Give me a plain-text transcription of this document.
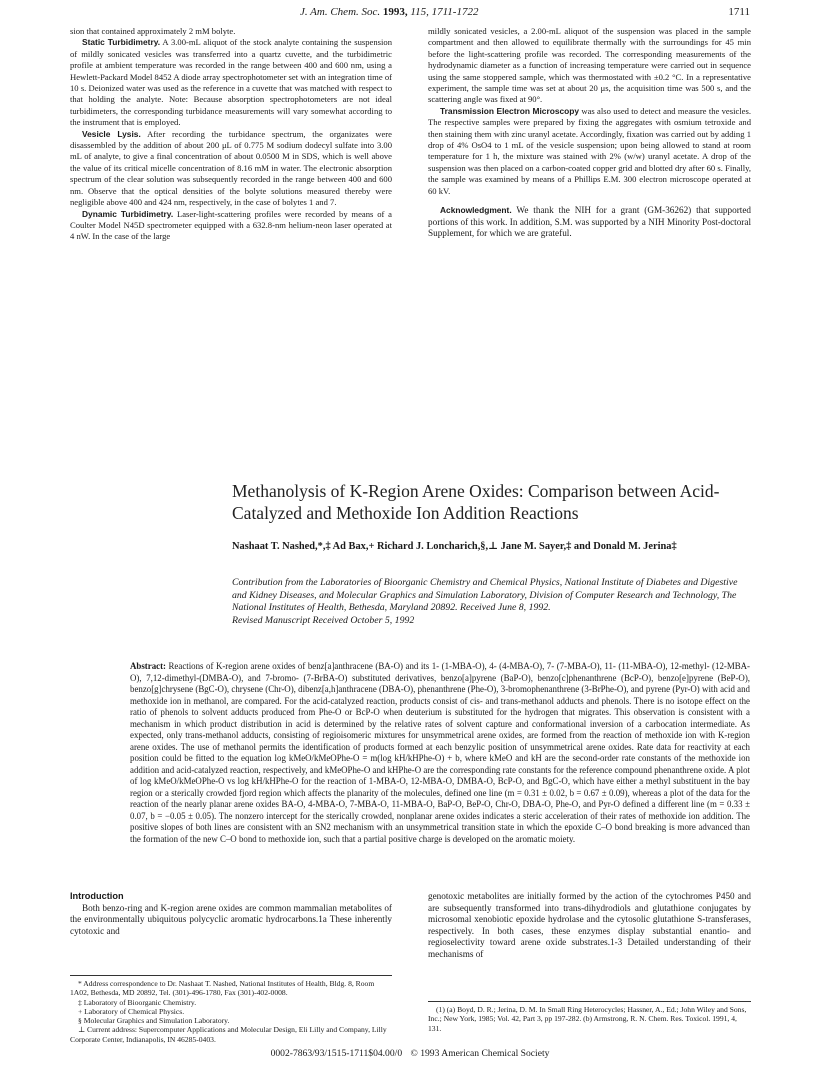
J. Am. Chem. Soc. 1993, 115, 1711-1722	1711

sion that contained approximately 2 mM bolyte.

Static Turbidimetry. A 3.00-mL aliquot of the stock analyte containing the suspension of mildly sonicated vesicles was transferred into a quartz cuvette, and the turbidimetric profile at ambient temperature was recorded in the range between 400 and 600 nm, using a Hewlett-Packard Model 8452 A diode array spectrophotometer set with an integration time of 10 s. Deionized water was used as the reference in a cuvette that was matched with respect to that holding the analyte. Note: Because absorption spectrophotometers are not ideal turbidimeters, the corresponding turbidance measurements will vary somewhat according to the instrument that is employed.

Vesicle Lysis. After recording the turbidance spectrum, the organizates were disassembled by the addition of about 200 μL of 0.775 M sodium dodecyl sulfate into 3.00 mL of analyte, to give a final concentration of about 0.0500 M in SDS, which is well above the value of its critical micelle concentration of 8.16 mM in water. The electronic absorption spectrum of the clear solution was subsequently recorded in the range between 400 and 600 nm. Observe that the optical densities of the bolyte solutions measured thereby were negligible above 400 and 424 nm, respectively, in the case of bolytes 1 and 7.

Dynamic Turbidimetry. Laser-light-scattering profiles were recorded by means of a Coulter Model N45D spectrometer equipped with a 632.8-nm helium-neon laser operated at 4 nW. In the case of the large

mildly sonicated vesicles, a 2.00-mL aliquot of the suspension was placed in the sample compartment and then allowed to equilibrate thermally with the surroundings for 45 min before the light-scattering profile was recorded. The corresponding measurements of the hydrodynamic diameter as a function of increasing temperature were carried out in sequence using the same stoppered sample, which was thermostated with ±0.2 °C. In a representative experiment, the sample time was set at about 20 μs, the acquisition time was 500 s, and the scattering angle was fixed at 90°.

Transmission Electron Microscopy was also used to detect and measure the vesicles. The respective samples were prepared by fixing the aggregates with osmium tetroxide and then staining them with zinc uranyl acetate. Accordingly, fixation was carried out by adding 1 drop of 4% OsO4 to 1 mL of the vesicle suspension; upon being allowed to stand at room temperature for 1 h, the mixture was stained with 2% (w/w) uranyl acetate. A drop of the suspension was then placed on a carbon-coated copper grid and blotted dry after 60 s. Finally, the sample was examined by means of a Phillips E.M. 300 electron microscope operated at 60 kV.

Acknowledgment. We thank the NIH for a grant (GM-36262) that supported portions of this work. In addition, S.M. was supported by a NIH Minority Post-doctoral Supplement, for which we are grateful.

Methanolysis of K-Region Arene Oxides: Comparison between Acid-Catalyzed and Methoxide Ion Addition Reactions
Nashaat T. Nashed,*,‡ Ad Bax,+ Richard J. Loncharich,§,⊥ Jane M. Sayer,‡ and Donald M. Jerina‡
Contribution from the Laboratories of Bioorganic Chemistry and Chemical Physics, National Institute of Diabetes and Digestive and Kidney Diseases, and Molecular Graphics and Simulation Laboratory, Division of Computer Research and Technology, The National Institutes of Health, Bethesda, Maryland 20892. Received June 8, 1992.
Revised Manuscript Received October 5, 1992
Abstract: Reactions of K-region arene oxides of benz[a]anthracene (BA-O) and its 1- (1-MBA-O), 4- (4-MBA-O), 7- (7-MBA-O), 11- (11-MBA-O), 12-methyl- (12-MBA-O), 7,12-dimethyl-(DMBA-O), and 7-bromo- (7-BrBA-O) substituted derivatives, benzo[a]pyrene (BaP-O), benzo[c]phenanthrene (BcP-O), benzo[e]pyrene (BeP-O), benzo[g]chrysene (BgC-O), chrysene (Chr-O), dibenz[a,h]anthracene (DBA-O), phenanthrene (Phe-O), 3-bromophenanthrene (3-BrPhe-O), and pyrene (Pyr-O) with acid and methoxide ion in methanol, are compared. For the acid-catalyzed reaction, products consist of cis- and trans-methanol adducts and phenols. There is no isotope effect on the ratio of phenols to solvent adducts produced from Phe-O or BcP-O when deuterium is substituted for the hydrogen that migrates. This observation is consistent with a mechanism in which product distribution in acid is determined by the relative rates of solvent capture and conformational inversion of a carbocation intermediate. As expected, only trans-methanol adducts, consisting of regioisomeric mixtures for unsymmetrical arene oxides, are formed from the reaction of methoxide ion with K-region arene oxides. The use of methanol permits the identification of products formed at each benzylic position of unsymmetrical arene oxides. Rate data for reactivity at each position could be fitted to the equation log kMeO/kMeOPhe-O = m(log kH/kHPhe-O) + b, where kMeO and kH are the second-order rate constants of the methoxide ion addition and acid-catalyzed reaction, respectively, and kMeOPhe-O and kHPhe-O are the corresponding rate constants for the reference compound phenanthrene oxide. A plot of log kMeO/kMeOPhe-O vs log kH/kHPhe-O for the reaction of 1-MBA-O, 12-MBA-O, DMBA-O, BcP-O, and BgC-O, which have either a methyl substituent in the bay region or a sterically crowded fjord region which affects the planarity of the molecules, defined one line (m = 0.31 ± 0.02, b = 0.67 ± 0.09), whereas a plot of the data for the reaction of the nearly planar arene oxides BA-O, 4-MBA-O, 7-MBA-O, 11-MBA-O, BaP-O, BeP-O, Chr-O, DBA-O, Phe-O, and Pyr-O defined a different line (m = 0.33 ± 0.07, b = −0.05 ± 0.05). The nonzero intercept for the sterically crowded, nonplanar arene oxides indicates a steric acceleration of their rates of methoxide ion addition. The positive slopes of both lines are consistent with an SN2 mechanism with an unsymmetrical transition state in which the epoxide C–O bond breaking is more advanced than the formation of the new C–O bond to methoxide ion, such that a partial positive charge is developed on the aromatic moiety.
Introduction

Both benzo-ring and K-region arene oxides are common mammalian metabolites of the environmentally ubiquitous polycyclic aromatic hydrocarbons.1a These inherently cytotoxic and

genotoxic metabolites are initially formed by the action of the cytochromes P450 and are subsequently transformed into trans-dihydrodiols and glutathione conjugates by microsomal xenobiotic epoxide hydrolase and the cytosolic glutathione S-transferases, respectively. In both cases, these enzymes display substantial enantio- and regioselectivity toward arene oxide substrates.1-3 Detailed understanding of their mechanisms of

* Address correspondence to Dr. Nashaat T. Nashed, National Institutes of Health, Bldg. 8, Room 1A02, Bethesda, MD 20892, Tel. (301)-496-1780, Fax (301)-402-0008.

‡ Laboratory of Bioorganic Chemistry.

+ Laboratory of Chemical Physics.

§ Molecular Graphics and Simulation Laboratory.

⊥ Current address: Supercomputer Applications and Molecular Design, Eli Lilly and Company, Lilly Corporate Center, Indianapolis, IN 46285-0403.

(1) (a) Boyd, D. R.; Jerina, D. M. In Small Ring Heterocycles; Hassner, A., Ed.; John Wiley and Sons, Inc.; New York, 1985; Vol. 42, Part 3, pp 197-282. (b) Armstrong, R. N. Chem. Res. Toxicol. 1991, 4, 131.

0002-7863/93/1515-1711$04.00/0 © 1993 American Chemical Society
